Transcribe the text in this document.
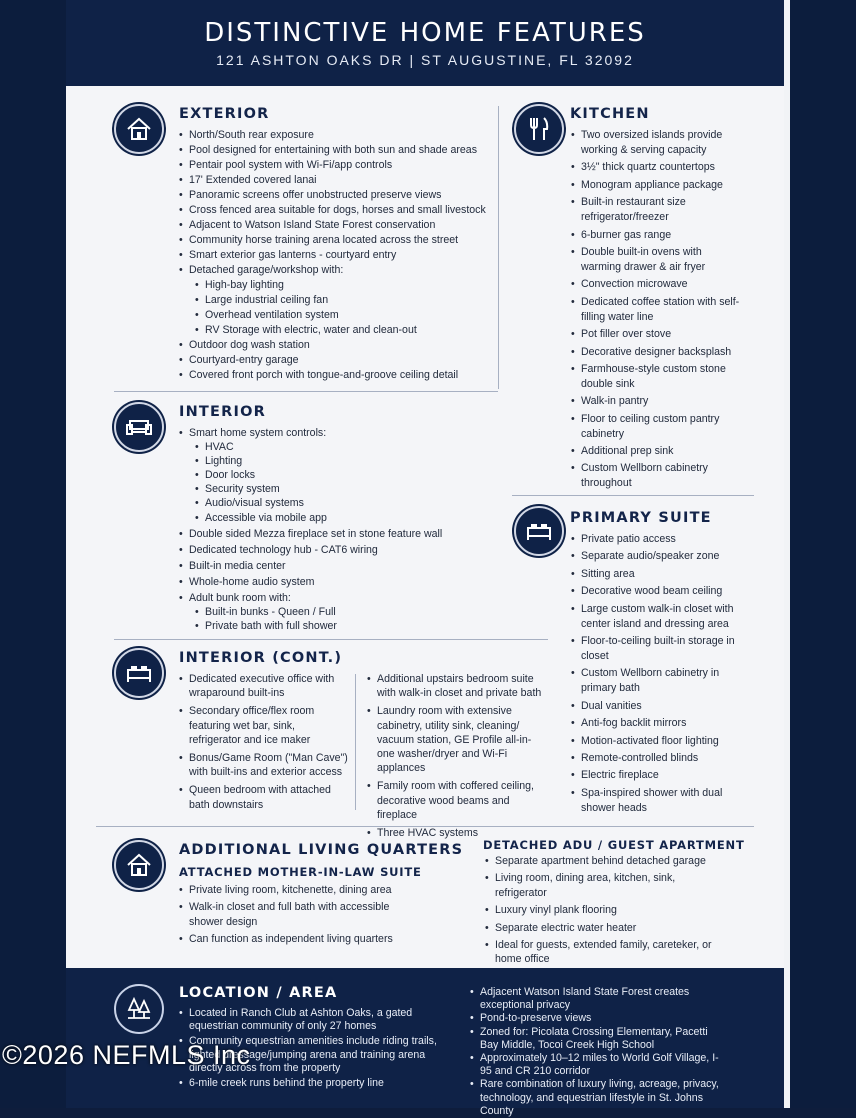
DISTINCTIVE HOME FEATURES
121 ASHTON OAKS DR | ST AUGUSTINE, FL 32092
EXTERIOR
• North/South rear exposure
• Pool designed for entertaining with both sun and shade areas
• Pentair pool system with Wi-Fi/app controls
• 17' Extended covered lanai
• Panoramic screens offer unobstructed preserve views
• Cross fenced area suitable for dogs, horses and small livestock
• Adjacent to Watson Island State Forest conservation
• Community horse training arena located across the street
• Smart exterior gas lanterns - courtyard entry
• Detached garage/workshop with:
• High-bay lighting
• Large industrial ceiling fan
• Overhead ventilation system
• RV Storage with electric, water and clean-out
• Outdoor dog wash station
• Courtyard-entry garage
• Covered front porch with tongue-and-groove ceiling detail
KITCHEN
• Two oversized islands provide working & serving capacity
• 3½" thick quartz countertops
• Monogram appliance package
• Built-in restaurant size refrigerator/freezer
• 6-burner gas range
• Double built-in ovens with warming drawer & air fryer
• Convection microwave
• Dedicated coffee station with self-filling water line
• Pot filler over stove
• Decorative designer backsplash
• Farmhouse-style custom stone double sink
• Walk-in pantry
• Floor to ceiling custom pantry cabinetry
• Additional prep sink
• Custom Wellborn cabinetry throughout
INTERIOR
• Smart home system controls:
• HVAC
• Lighting
• Door locks
• Security system
• Audio/visual systems
• Accessible via mobile app
• Double sided Mezza fireplace set in stone feature wall
• Dedicated technology hub - CAT6 wiring
• Built-in media center
• Whole-home audio system
• Adult bunk room with:
• Built-in bunks - Queen / Full
• Private bath with full shower
PRIMARY SUITE
• Private patio access
• Separate audio/speaker zone
• Sitting area
• Decorative wood beam ceiling
• Large custom walk-in closet with center island and dressing area
• Floor-to-ceiling built-in storage in closet
• Custom Wellborn cabinetry in primary bath
• Dual vanities
• Anti-fog backlit mirrors
• Motion-activated floor lighting
• Remote-controlled blinds
• Electric fireplace
• Spa-inspired shower with dual shower heads
INTERIOR (CONT.)
• Dedicated executive office with wraparound built-ins
• Secondary office/flex room featuring wet bar, sink, refrigerator and ice maker
• Bonus/Game Room ("Man Cave") with built-ins and exterior access
• Queen bedroom with attached bath downstairs
• Additional upstairs bedroom suite with walk-in closet and private bath
• Laundry room with extensive cabinetry, utility sink, cleaning/ vacuum station, GE Profile all-in-one washer/dryer and Wi-Fi applances
• Family room with coffered ceiling, decorative wood beams and fireplace
• Three HVAC systems
ADDITIONAL LIVING QUARTERS
ATTACHED MOTHER-IN-LAW SUITE
• Private living room, kitchenette, dining area
• Walk-in closet and full bath with accessible shower design
• Can function as independent living quarters
DETACHED ADU / GUEST APARTMENT
• Separate apartment behind detached garage
• Living room, dining area, kitchen, sink, refrigerator
• Luxury vinyl plank flooring
• Separate electric water heater
• Ideal for guests, extended family, careteker, or home office
LOCATION / AREA
• Located in Ranch Club at Ashton Oaks, a gated equestrian community of only 27 homes
• Community equestrian amenities include riding trails, lighted dressage/jumping arena and training arena directly across from the property
• 6-mile creek runs behind the property line
• Adjacent Watson Island State Forest creates exceptional privacy
• Pond-to-preserve views
• Zoned for: Picolata Crossing Elementary, Pacetti Bay Middle, Tocoi Creek High School
• Approximately 10–12 miles to World Golf Village, I-95 and CR 210 corridor
• Rare combination of luxury living, acreage, privacy, technology, and equestrian lifestyle in St. Johns County
©2026 NEFMLS Inc
